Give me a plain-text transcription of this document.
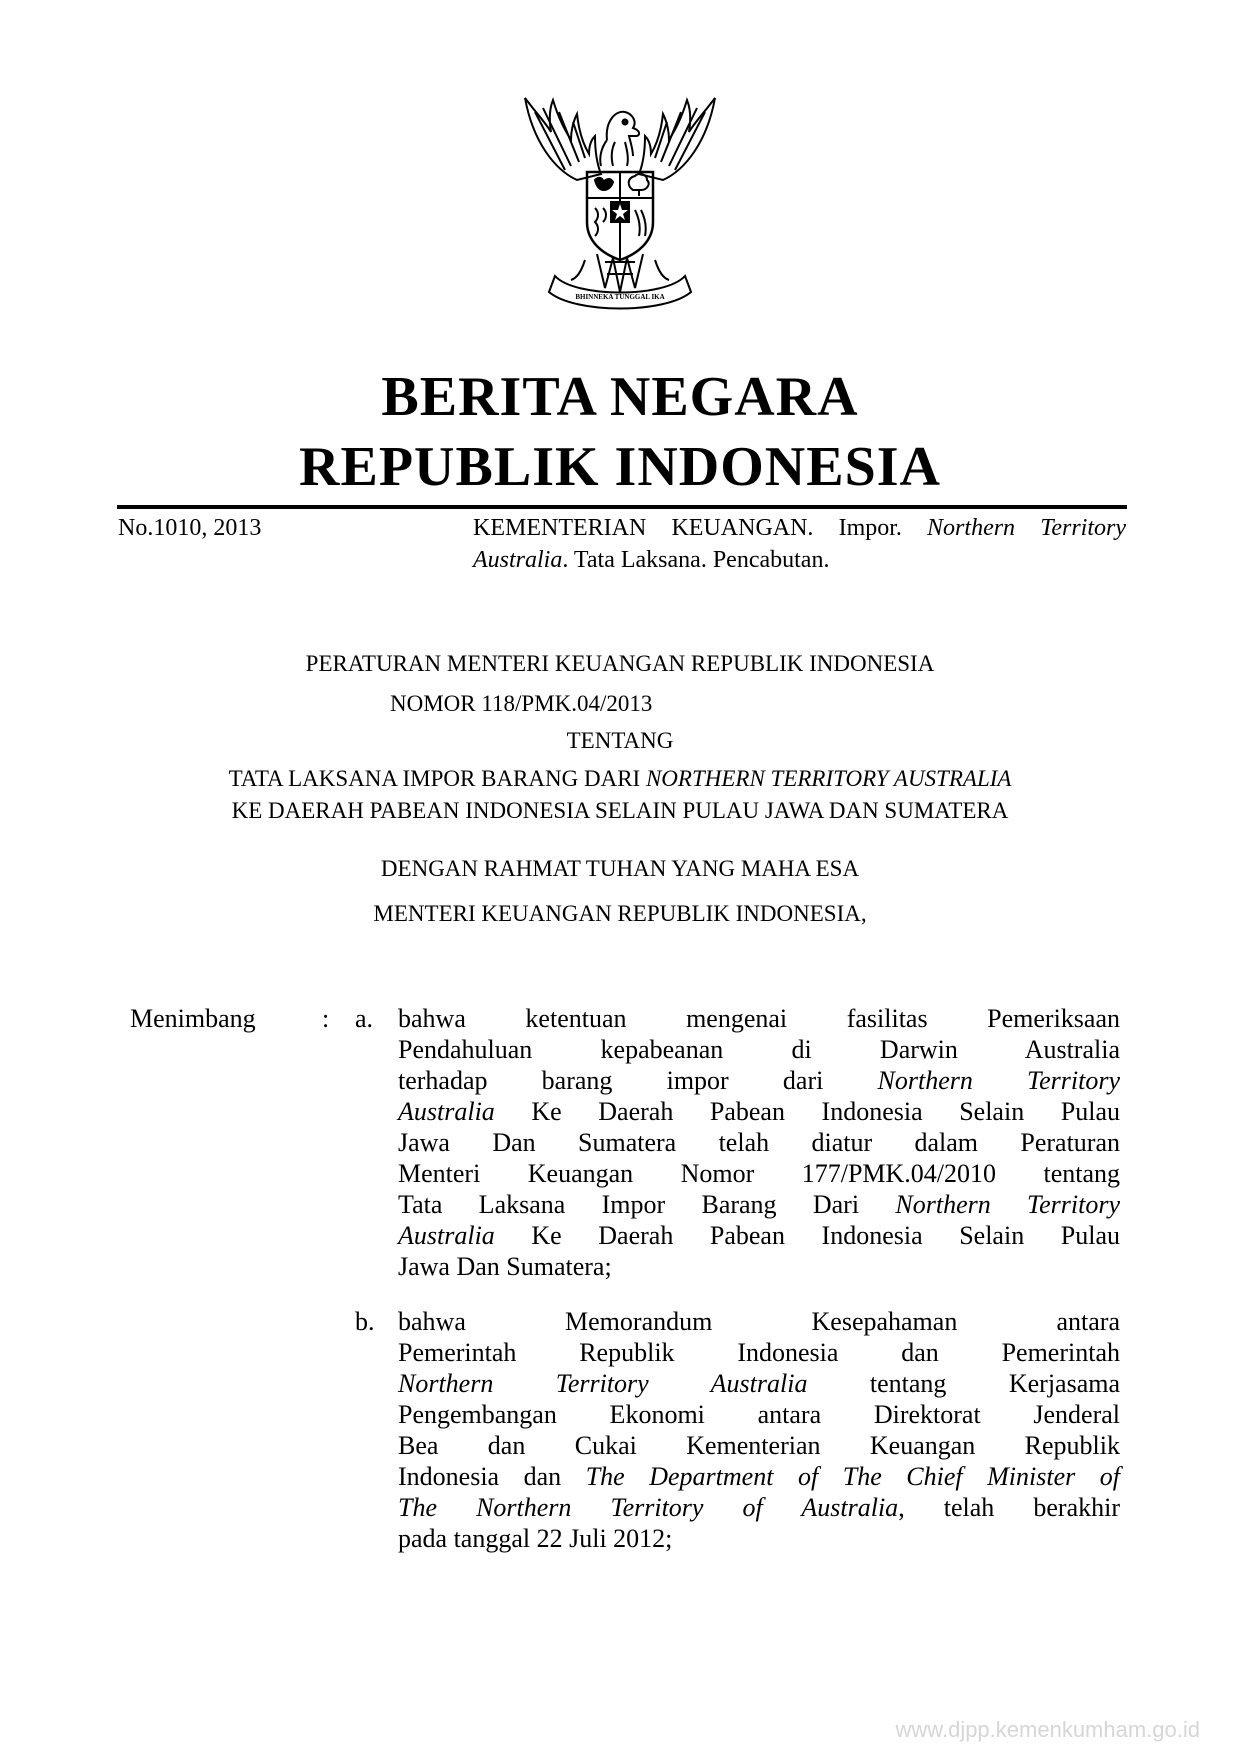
BHINNEKA TUNGGAL IKA
BERITA NEGARA
REPUBLIK INDONESIA
No.1010, 2013	KEMENTERIAN KEUANGAN. Impor. Northern Territory Australia. Tata Laksana. Pencabutan.
PERATURAN MENTERI KEUANGAN REPUBLIK INDONESIA
NOMOR 118/PMK.04/2013
TENTANG
TATA LAKSANA IMPOR BARANG DARI NORTHERN TERRITORY AUSTRALIA
KE DAERAH PABEAN INDONESIA SELAIN PULAU JAWA DAN SUMATERA
DENGAN RAHMAT TUHAN YANG MAHA ESA
MENTERI KEUANGAN REPUBLIK INDONESIA,
Menimbang	: a. bahwa ketentuan mengenai fasilitas Pemeriksaan
Pendahuluan kepabeanan di Darwin Australia
terhadap barang impor dari Northern Territory
Australia Ke Daerah Pabean Indonesia Selain Pulau
Jawa Dan Sumatera telah diatur dalam Peraturan
Menteri Keuangan Nomor 177/PMK.04/2010 tentang
Tata Laksana Impor Barang Dari Northern Territory
Australia Ke Daerah Pabean Indonesia Selain Pulau
Jawa Dan Sumatera;
b. bahwa Memorandum Kesepahaman antara
Pemerintah Republik Indonesia dan Pemerintah
Northern Territory Australia tentang Kerjasama
Pengembangan Ekonomi antara Direktorat Jenderal
Bea dan Cukai Kementerian Keuangan Republik
Indonesia dan The Department of The Chief Minister of
The Northern Territory of Australia, telah berakhir
pada tanggal 22 Juli 2012;
www.djpp.kemenkumham.go.id
